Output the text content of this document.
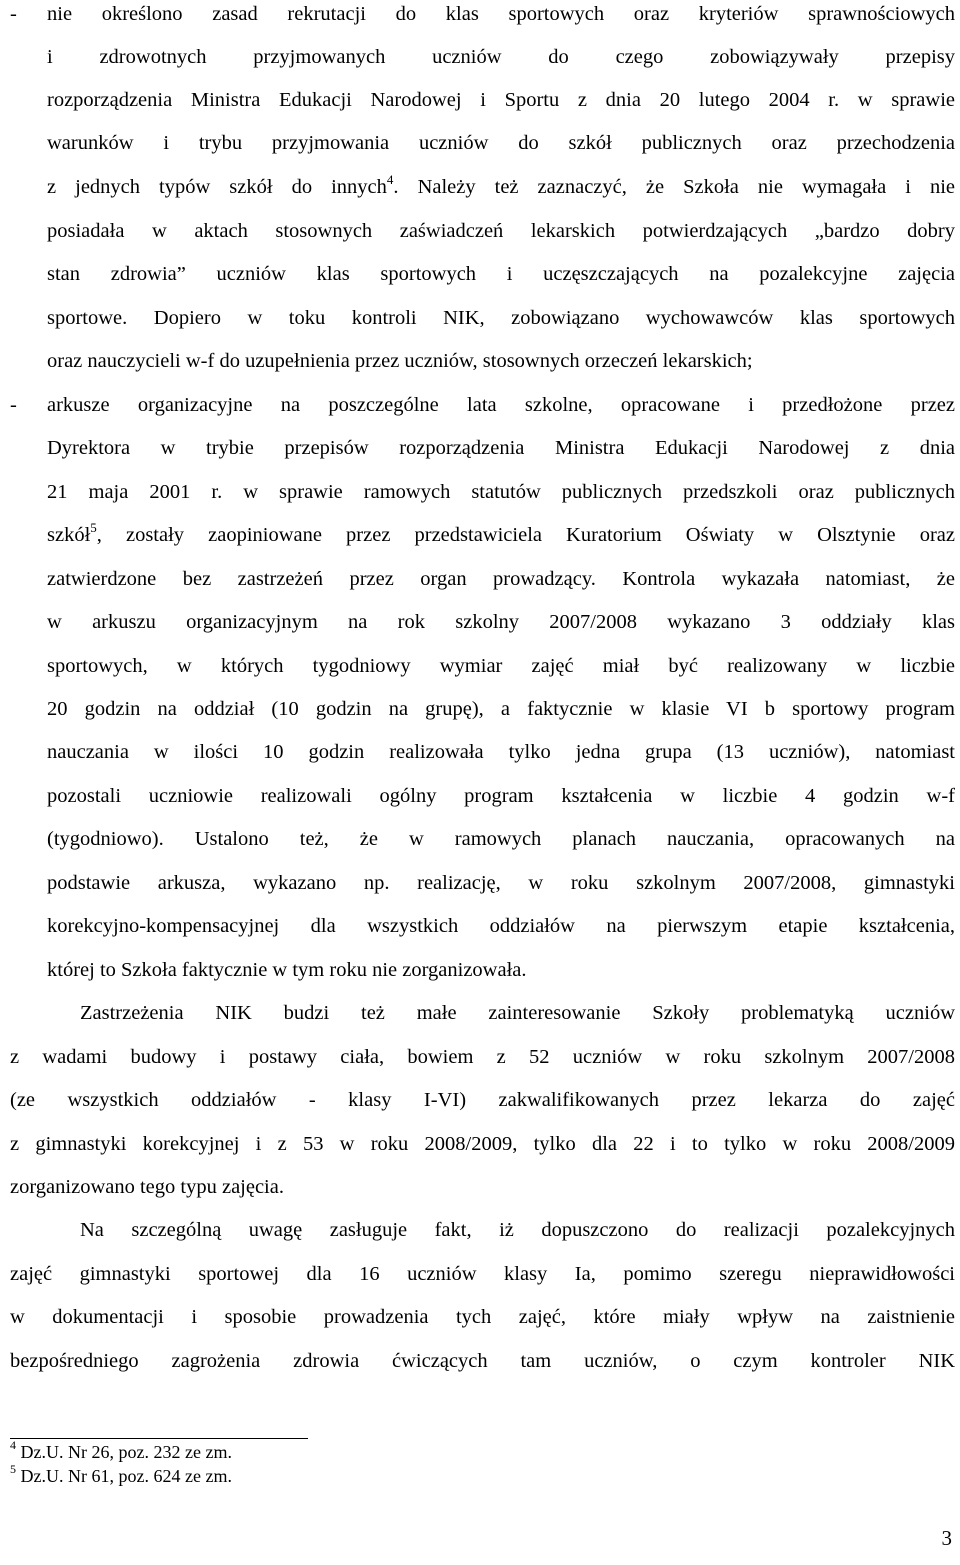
- nie określono zasad rekrutacji do klas sportowych oraz kryteriów sprawnościowych
i zdrowotnych przyjmowanych uczniów do czego zobowiązywały przepisy
rozporządzenia Ministra Edukacji Narodowej i Sportu z dnia 20 lutego 2004 r. w sprawie
warunków i trybu przyjmowania uczniów do szkół publicznych oraz przechodzenia
z jednych typów szkół do innych$^4$. Należy też zaznaczyć, że Szkoła nie wymagała i nie
posiadała w aktach stosownych zaświadczeń lekarskich potwierdzających „bardzo dobry
stan zdrowia” uczniów klas sportowych i uczęszczających na pozalekcyjne zajęcia
sportowe. Dopiero w toku kontroli NIK, zobowiązano wychowawców klas sportowych
oraz nauczycieli w-f do uzupełnienia przez uczniów, stosownych orzeczeń lekarskich;
- arkusze organizacyjne na poszczególne lata szkolne, opracowane i przedłożone przez
Dyrektora w trybie przepisów rozporządzenia Ministra Edukacji Narodowej z dnia
21 maja 2001 r. w sprawie ramowych statutów publicznych przedszkoli oraz publicznych
szkół$^5$, zostały zaopiniowane przez przedstawiciela Kuratorium Oświaty w Olsztynie oraz
zatwierdzone bez zastrzeżeń przez organ prowadzący. Kontrola wykazała natomiast, że
w arkuszu organizacyjnym na rok szkolny 2007/2008 wykazano 3 oddziały klas
sportowych, w których tygodniowy wymiar zajęć miał być realizowany w liczbie
20 godzin na oddział (10 godzin na grupę), a faktycznie w klasie VI b sportowy program
nauczania w ilości 10 godzin realizowała tylko jedna grupa (13 uczniów), natomiast
pozostali uczniowie realizowali ogólny program kształcenia w liczbie 4 godzin w-f
(tygodniowo). Ustalono też, że w ramowych planach nauczania, opracowanych na
podstawie arkusza, wykazano np. realizację, w roku szkolnym 2007/2008, gimnastyki
korekcyjno-kompensacyjnej dla wszystkich oddziałów na pierwszym etapie kształcenia,
której to Szkoła faktycznie w tym roku nie zorganizowała.
Zastrzeżenia NIK budzi też małe zainteresowanie Szkoły problematyką uczniów
z wadami budowy i postawy ciała, bowiem z 52 uczniów w roku szkolnym 2007/2008
(ze wszystkich oddziałów - klasy I-VI) zakwalifikowanych przez lekarza do zajęć
z gimnastyki korekcyjnej i z 53 w roku 2008/2009, tylko dla 22 i to tylko w roku 2008/2009
zorganizowano tego typu zajęcia.
Na szczególną uwagę zasługuje fakt, iż dopuszczono do realizacji pozalekcyjnych
zajęć gimnastyki sportowej dla 16 uczniów klasy Ia, pomimo szeregu nieprawidłowości
w dokumentacji i sposobie prowadzenia tych zajęć, które miały wpływ na zaistnienie
bezpośredniego zagrożenia zdrowia ćwiczących tam uczniów, o czym kontroler NIK
$^4$ Dz.U. Nr 26, poz. 232 ze zm.
$^5$ Dz.U. Nr 61, poz. 624 ze zm.
3
